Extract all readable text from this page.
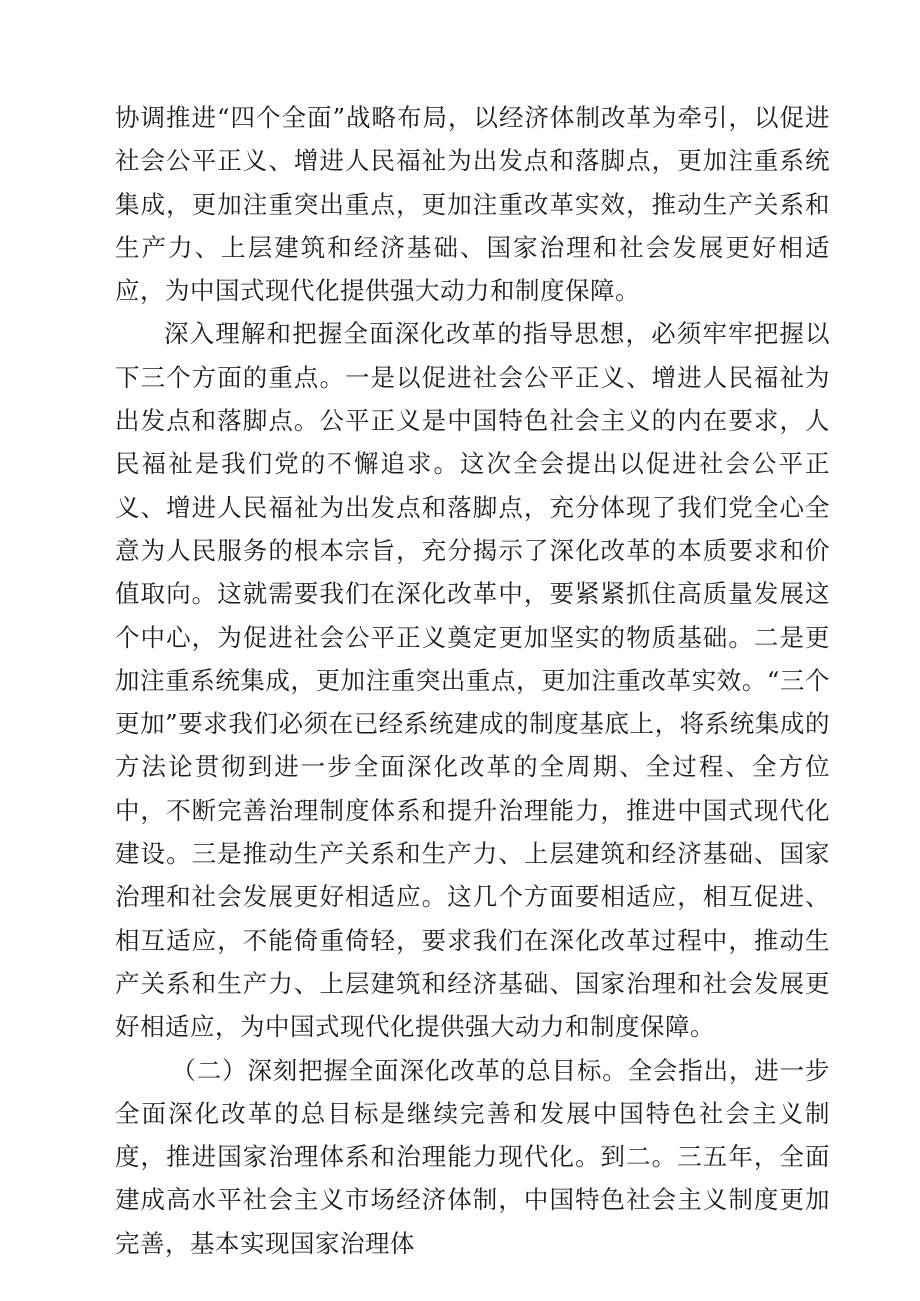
协调推进“四个全面”战略布局，以经济体制改革为牵引，以促进社会公平正义、增进人民福祉为出发点和落脚点，更加注重系统集成，更加注重突出重点，更加注重改革实效，推动生产关系和生产力、上层建筑和经济基础、国家治理和社会发展更好相适应，为中国式现代化提供强大动力和制度保障。

深入理解和把握全面深化改革的指导思想，必须牢牢把握以下三个方面的重点。一是以促进社会公平正义、增进人民福祉为出发点和落脚点。公平正义是中国特色社会主义的内在要求，人民福祉是我们党的不懈追求。这次全会提出以促进社会公平正义、增进人民福祉为出发点和落脚点，充分体现了我们党全心全意为人民服务的根本宗旨，充分揭示了深化改革的本质要求和价值取向。这就需要我们在深化改革中，要紧紧抓住高质量发展这个中心，为促进社会公平正义奠定更加坚实的物质基础。二是更加注重系统集成，更加注重突出重点，更加注重改革实效。“三个更加”要求我们必须在已经系统建成的制度基底上，将系统集成的方法论贯彻到进一步全面深化改革的全周期、全过程、全方位中，不断完善治理制度体系和提升治理能力，推进中国式现代化建设。三是推动生产关系和生产力、上层建筑和经济基础、国家治理和社会发展更好相适应。这几个方面要相适应，相互促进、相互适应，不能倚重倚轻，要求我们在深化改革过程中，推动生产关系和生产力、上层建筑和经济基础、国家治理和社会发展更好相适应，为中国式现代化提供强大动力和制度保障。

（二）深刻把握全面深化改革的总目标。全会指出，进一步全面深化改革的总目标是继续完善和发展中国特色社会主义制度，推进国家治理体系和治理能力现代化。到二。三五年，全面建成高水平社会主义市场经济体制，中国特色社会主义制度更加完善，基本实现国家治理体
